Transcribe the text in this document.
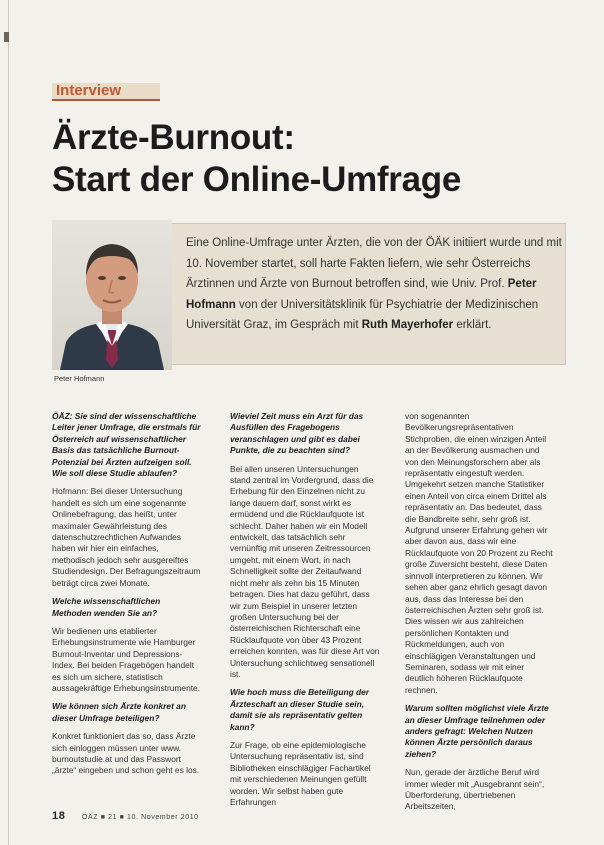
Interview
Ärzte-Burnout:
Start der Online-Umfrage
Eine Online-Umfrage unter Ärzten, die von der ÖÄK initiiert wurde und mit 10. November startet, soll harte Fakten liefern, wie sehr Österreichs Ärztinnen und Ärzte von Burnout betroffen sind, wie Univ. Prof. Peter Hofmann von der Universitätsklinik für Psychiatrie der Medizinischen Universität Graz, im Gespräch mit Ruth Mayerhofer erklärt.
Peter Hofmann

ÖÄZ: Sie sind der wissenschaftliche Leiter jener Umfrage, die erstmals für Österreich auf wissenschaftlicher Basis das tatsächliche Burnout-Potenzial bei Ärzten aufzeigen soll. Wie soll diese Studie ablaufen?

Hofmann: Bei dieser Untersuchung handelt es sich um eine sogenannte Onlinebefragung, das heißt, unter maximaler Gewährleistung des datenschutzrechtlichen Aufwandes haben wir hier ein einfaches, methodisch jedoch sehr ausgereiftes Studiendesign. Der Befragungszeitraum beträgt circa zwei Monate.

Welche wissenschaftlichen Methoden wenden Sie an?

Wir bedienen uns etablierter Erhebungsinstrumente wie Hamburger Burnout-Inventar und Depressions-Index. Bei beiden Fragebögen handelt es sich um sichere, statistisch aussagekräftige Erhebungsinstrumente.

Wie können sich Ärzte konkret an dieser Umfrage beteiligen?

Konkret funktioniert das so, dass Ärzte sich einloggen müssen unter www. burnoutstudie.at und das Passwort „ärzte“ eingeben und schon geht es los.

Wieviel Zeit muss ein Arzt für das Ausfüllen des Fragebogens veranschlagen und gibt es dabei Punkte, die zu beachten sind?

Bei allen unseren Untersuchungen stand zentral im Vordergrund, dass die Erhebung für den Einzelnen nicht zu lange dauern darf, sonst wirkt es ermüdend und die Rücklaufquote ist schlecht. Daher haben wir ein Modell entwickelt, das tatsächlich sehr vernünftig mit unseren Zeitressourcen umgeht, mit einem Wort, in nach Schnelligkeit sollte der Zeitaufwand nicht mehr als zehn bis 15 Minuten betragen. Dies hat dazu geführt, dass wir zum Beispiel in unserer letzten großen Untersuchung bei der österreichischen Richterschaft eine Rücklaufquote von über 43 Prozent erreichen konnten, was für diese Art von Untersuchung schlichtweg sensationell ist.

Wie hoch muss die Beteiligung der Ärzteschaft an dieser Studie sein, damit sie als repräsentativ gelten kann?

Zur Frage, ob eine epidemiologische Untersuchung repräsentativ ist, sind Bibliotheken einschlägiger Fachartikel mit verschiedenen Meinungen gefüllt worden. Wir selbst haben gute Erfahrungen

von sogenannten Bevölkerungsrepräsentativen Stichproben, die einen winzigen Anteil an der Bevölkerung ausmachen und von den Meinungsforschern aber als repräsentativ eingestuft werden. Umgekehrt setzen manche Statistiker einen Anteil von circa einem Drittel als repräsentativ an. Das bedeutet, dass die Bandbreite sehr, sehr groß ist. Aufgrund unserer Erfahrung gehen wir aber davon aus, dass wir eine Rücklaufquote von 20 Prozent zu Recht große Zuversicht besteht, diese Daten sinnvoll interpretieren zu können. Wir sehen aber ganz ehrlich gesagt davon aus, dass das Interesse bei den österreichischen Ärzten sehr groß ist. Dies wissen wir aus zahlreichen persönlichen Kontakten und Rückmeldungen, auch von einschlägigen Veranstaltungen und Seminaren, sodass wir mit einer deutlich höheren Rücklaufquote rechnen.

Warum sollten möglichst viele Ärzte an dieser Umfrage teilnehmen oder anders gefragt: Welchen Nutzen können Ärzte persönlich daraus ziehen?

Nun, gerade der ärztliche Beruf wird immer wieder mit „Ausgebrannt sein“, Überforderung, übertriebenen Arbeitszeiten,

18 ÖÄZ ■ 21 ■ 10. November 2010
